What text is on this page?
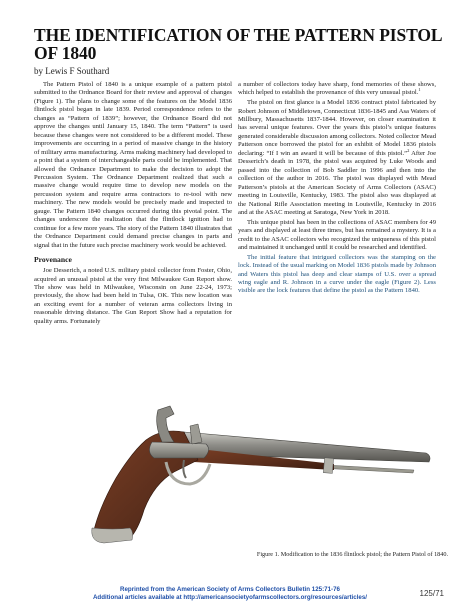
THE IDENTIFICATION OF THE PATTERN PISTOL OF 1840
by Lewis F Southard

The Pattern Pistol of 1840 is a unique example of a pattern pistol submitted to the Ordnance Board for their review and approval of changes (Figure 1). The plans to change some of the features on the Model 1836 flintlock pistol began in late 1839. Period correspondence refers to the changes as “Pattern of 1839”; however, the Ordnance Board did not approve the changes until January 15, 1840. The term “Pattern” is used because these changes were not considered to be a different model. These improvements are occurring in a period of massive change in the history of military arms manufacturing. Arms making machinery had developed to a point that a system of interchangeable parts could be implemented. That allowed the Ordnance Department to make the decision to adopt the Percussion System. The Ordnance Department realized that such a massive change would require time to develop new models on the percussion system and require arms contractors to re-tool with new machinery. The new models would be precisely made and inspected to gauge. The Pattern 1840 changes occurred during this pivotal point. The changes underscore the realization that the flintlock ignition had to continue for a few more years. The story of the Pattern 1840 illustrates that the Ordnance Department could demand precise changes in parts and signal that in the future such precise machinery work would be achieved.

Provenance

Joe Desserich, a noted U.S. military pistol collector from Foster, Ohio, acquired an unusual pistol at the very first Milwaukee Gun Report show. The show was held in Milwaukee, Wisconsin on June 22-24, 1973; previously, the show had been held in Tulsa, OK. This new location was an exciting event for a number of veteran arms collectors living in reasonable driving distance. The Gun Report Show had a reputation for quality arms. Fortunately

a number of collectors today have sharp, fond memories of these shows, which helped to establish the provenance of this very unusual pistol.$^1$

The pistol on first glance is a Model 1836 contract pistol fabricated by Robert Johnson of Middletown, Connecticut 1836-1845 and Asa Waters of Millbury, Massachusetts 1837-1844. However, on closer examination it has several unique features. Over the years this pistol’s unique features generated considerable discussion among collectors. Noted collector Mead Patterson once borrowed the pistol for an exhibit of Model 1836 pistols declaring: “If I win an award it will be because of this pistol.”$^2$ After Joe Desserich’s death in 1978, the pistol was acquired by Luke Woods and passed into the collection of Bob Saddler in 1996 and then into the collection of the author in 2016. The pistol was displayed with Mead Patterson’s pistols at the American Society of Arms Collectors (ASAC) meeting in Louisville, Kentucky, 1983. The pistol also was displayed at the National Rifle Association meeting in Louisville, Kentucky in 2016 and at the ASAC meeting at Saratoga, New York in 2018.

This unique pistol has been in the collections of ASAC members for 49 years and displayed at least three times, but has remained a mystery. It is a credit to the ASAC collectors who recognized the uniqueness of this pistol and maintained it unchanged until it could be researched and identified.

The initial feature that intrigued collectors was the stamping on the lock. Instead of the usual marking on Model 1836 pistols made by Johnson and Waters this pistol has deep and clear stamps of U.S. over a spread wing eagle and R. Johnson in a curve under the eagle (Figure 2). Less visible are the lock features that define the pistol as the Pattern 1840.

Figure 1. Modification to the 1836 flintlock pistol; the Pattern Pistol of 1840.
Reprinted from the American Society of Arms Collectors Bulletin 125:71-76
Additional articles available at http://americansocietyofarmscollectors.org/resources/articles/	125/71
